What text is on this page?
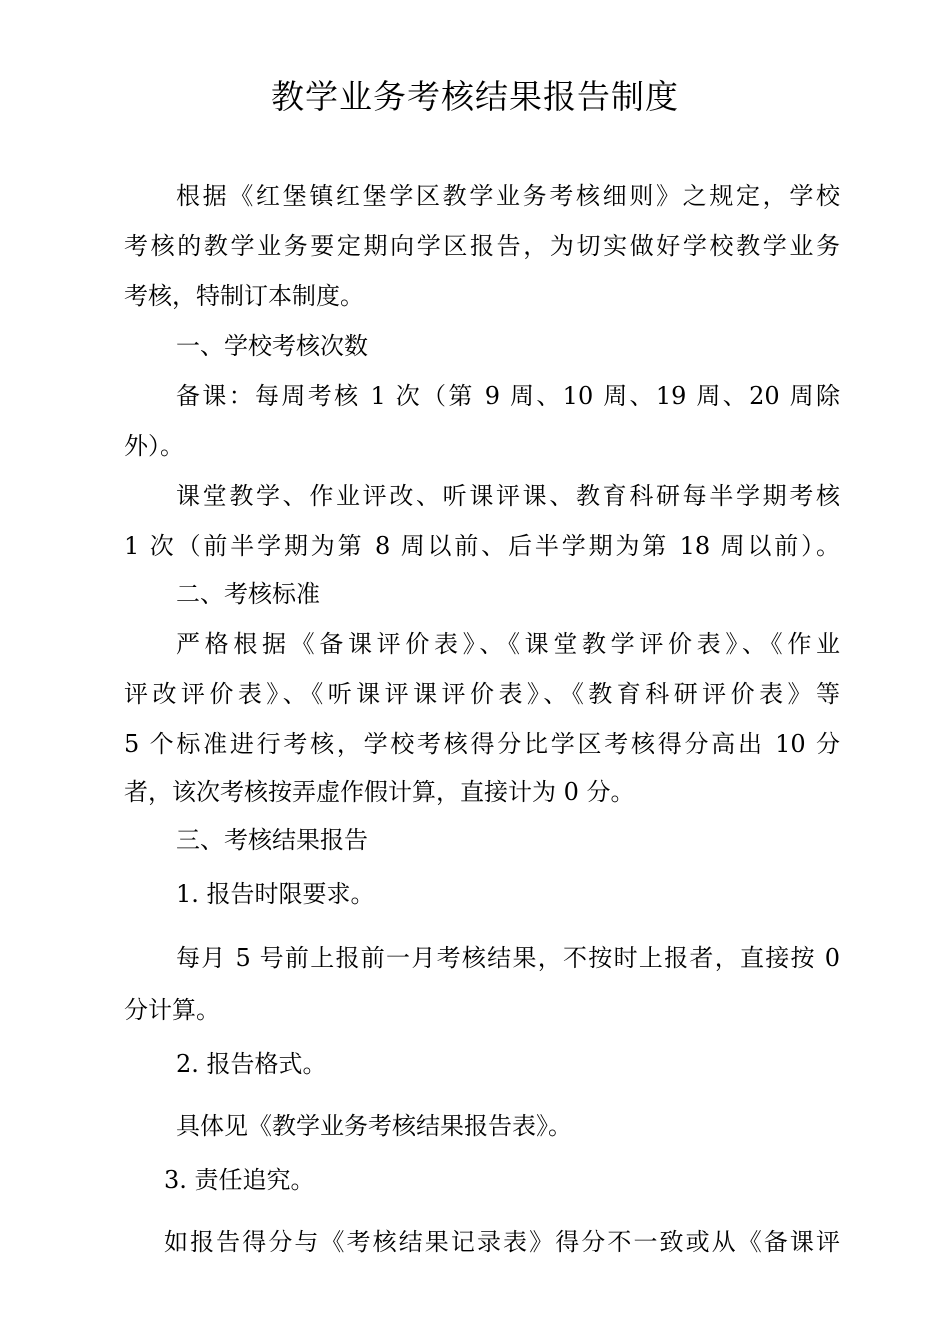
教学业务考核结果报告制度
根据《红堡镇红堡学区教学业务考核细则》之规定，学校
考核的教学业务要定期向学区报告，为切实做好学校教学业务
考核，特制订本制度。
一、学校考核次数
备课：每周考核 1 次（第 9 周、10 周、19 周、20 周除
外）。
课堂教学、作业评改、听课评课、教育科研每半学期考核
1 次（前半学期为第 8 周以前、后半学期为第 18 周以前）。
二、考核标准
严格根据《备课评价表》、《课堂教学评价表》、《作业
评改评价表》、《听课评课评价表》、《教育科研评价表》等
5 个标准进行考核，学校考核得分比学区考核得分高出 10 分
者，该次考核按弄虚作假计算，直接计为 0 分。
三、考核结果报告
1. 报告时限要求。
每月 5 号前上报前一月考核结果，不按时上报者，直接按 0
分计算。
2. 报告格式。
具体见《教学业务考核结果报告表》。
3. 责任追究。
如报告得分与《考核结果记录表》得分不一致或从《备课评
